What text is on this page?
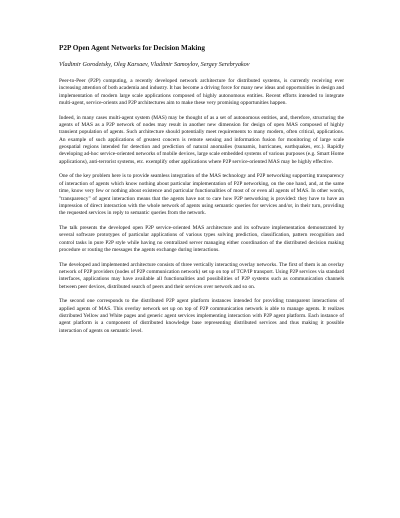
P2P Open Agent Networks for Decision Making
Vladimir Gorodetsky, Oleg Karsaev, Vladimir Samoylov, Sergey Serebryakov

Peer-to-Peer (P2P) computing, a recently developed network architecture for distributed systems, is currently receiving ever increasing attention of both academia and industry. It has become a driving force for many new ideas and opportunities in design and implementation of modern large scale applications composed of highly autonomous entities. Recent efforts intended to integrate multi-agent, service-orients and P2P architectures aim to make these very promising opportunities happen.

Indeed, in many cases multi-agent system (MAS) may be thought of as a set of autonomous entities, and, therefore, structuring the agents of MAS as a P2P network of nodes may result in another new dimension for design of open MAS composed of highly transient population of agents. Such architecture should potentially meet requirements to many modern, often critical, applications. An example of such applications of greatest concern is remote sensing and information fusion for monitoring of large scale geospatial regions intended for detection and prediction of natural anomalies (tsunamis, hurricanes, earthquakes, etc.). Rapidly developing ad-hoc service-oriented networks of mobile devices, large scale embedded systems of various purposes (e.g. Smart Home applications), anti-terrorist systems, etc. exemplify other applications where P2P service-oriented MAS may be highly effective.

One of the key problem here is to provide seamless integration of the MAS technology and P2P networking supporting transparency of interaction of agents which know nothing about particular implementation of P2P networking, on the one hand, and, at the same time, know very few or nothing about existence and particular functionalities of most of or even all agents of MAS. In other words, "transparency" of agent interaction means that the agents have not to care how P2P networking is provided: they have to have an impression of direct interaction with the whole network of agents using semantic queries for services and/or, in their turn, providing the requested services in reply to semantic queries from the network.

The talk presents the developed open P2P service-oriented MAS architecture and its software implementation demonstrated by several software prototypes of particular applications of various types solving prediction, classification, pattern recognition and control tasks in pure P2P style while having no centralized server managing either coordination of the distributed decision making procedure or routing the messages the agents exchange during interactions.

The developed and implemented architecture consists of three vertically interacting overlay networks. The first of them is an overlay network of P2P providers (nodes of P2P communication network) set up on top of TCP/IP transport. Using P2P services via standard interfaces, applications may have available all functionalities and possibilities of P2P systems such as communication channels between peer devices, distributed search of peers and their services over network and so on.

The second one corresponds to the distributed P2P agent platform instances intended for providing transparent interactions of applied agents of MAS. This overlay network set up on top of P2P communication network is able to manage agents. It realizes distributed Yellow and White pages and generic agent services implementing interaction with P2P agent platform. Each instance of agent platform is a component of distributed knowledge base representing distributed services and thus making it possible interaction of agents on semantic level.
